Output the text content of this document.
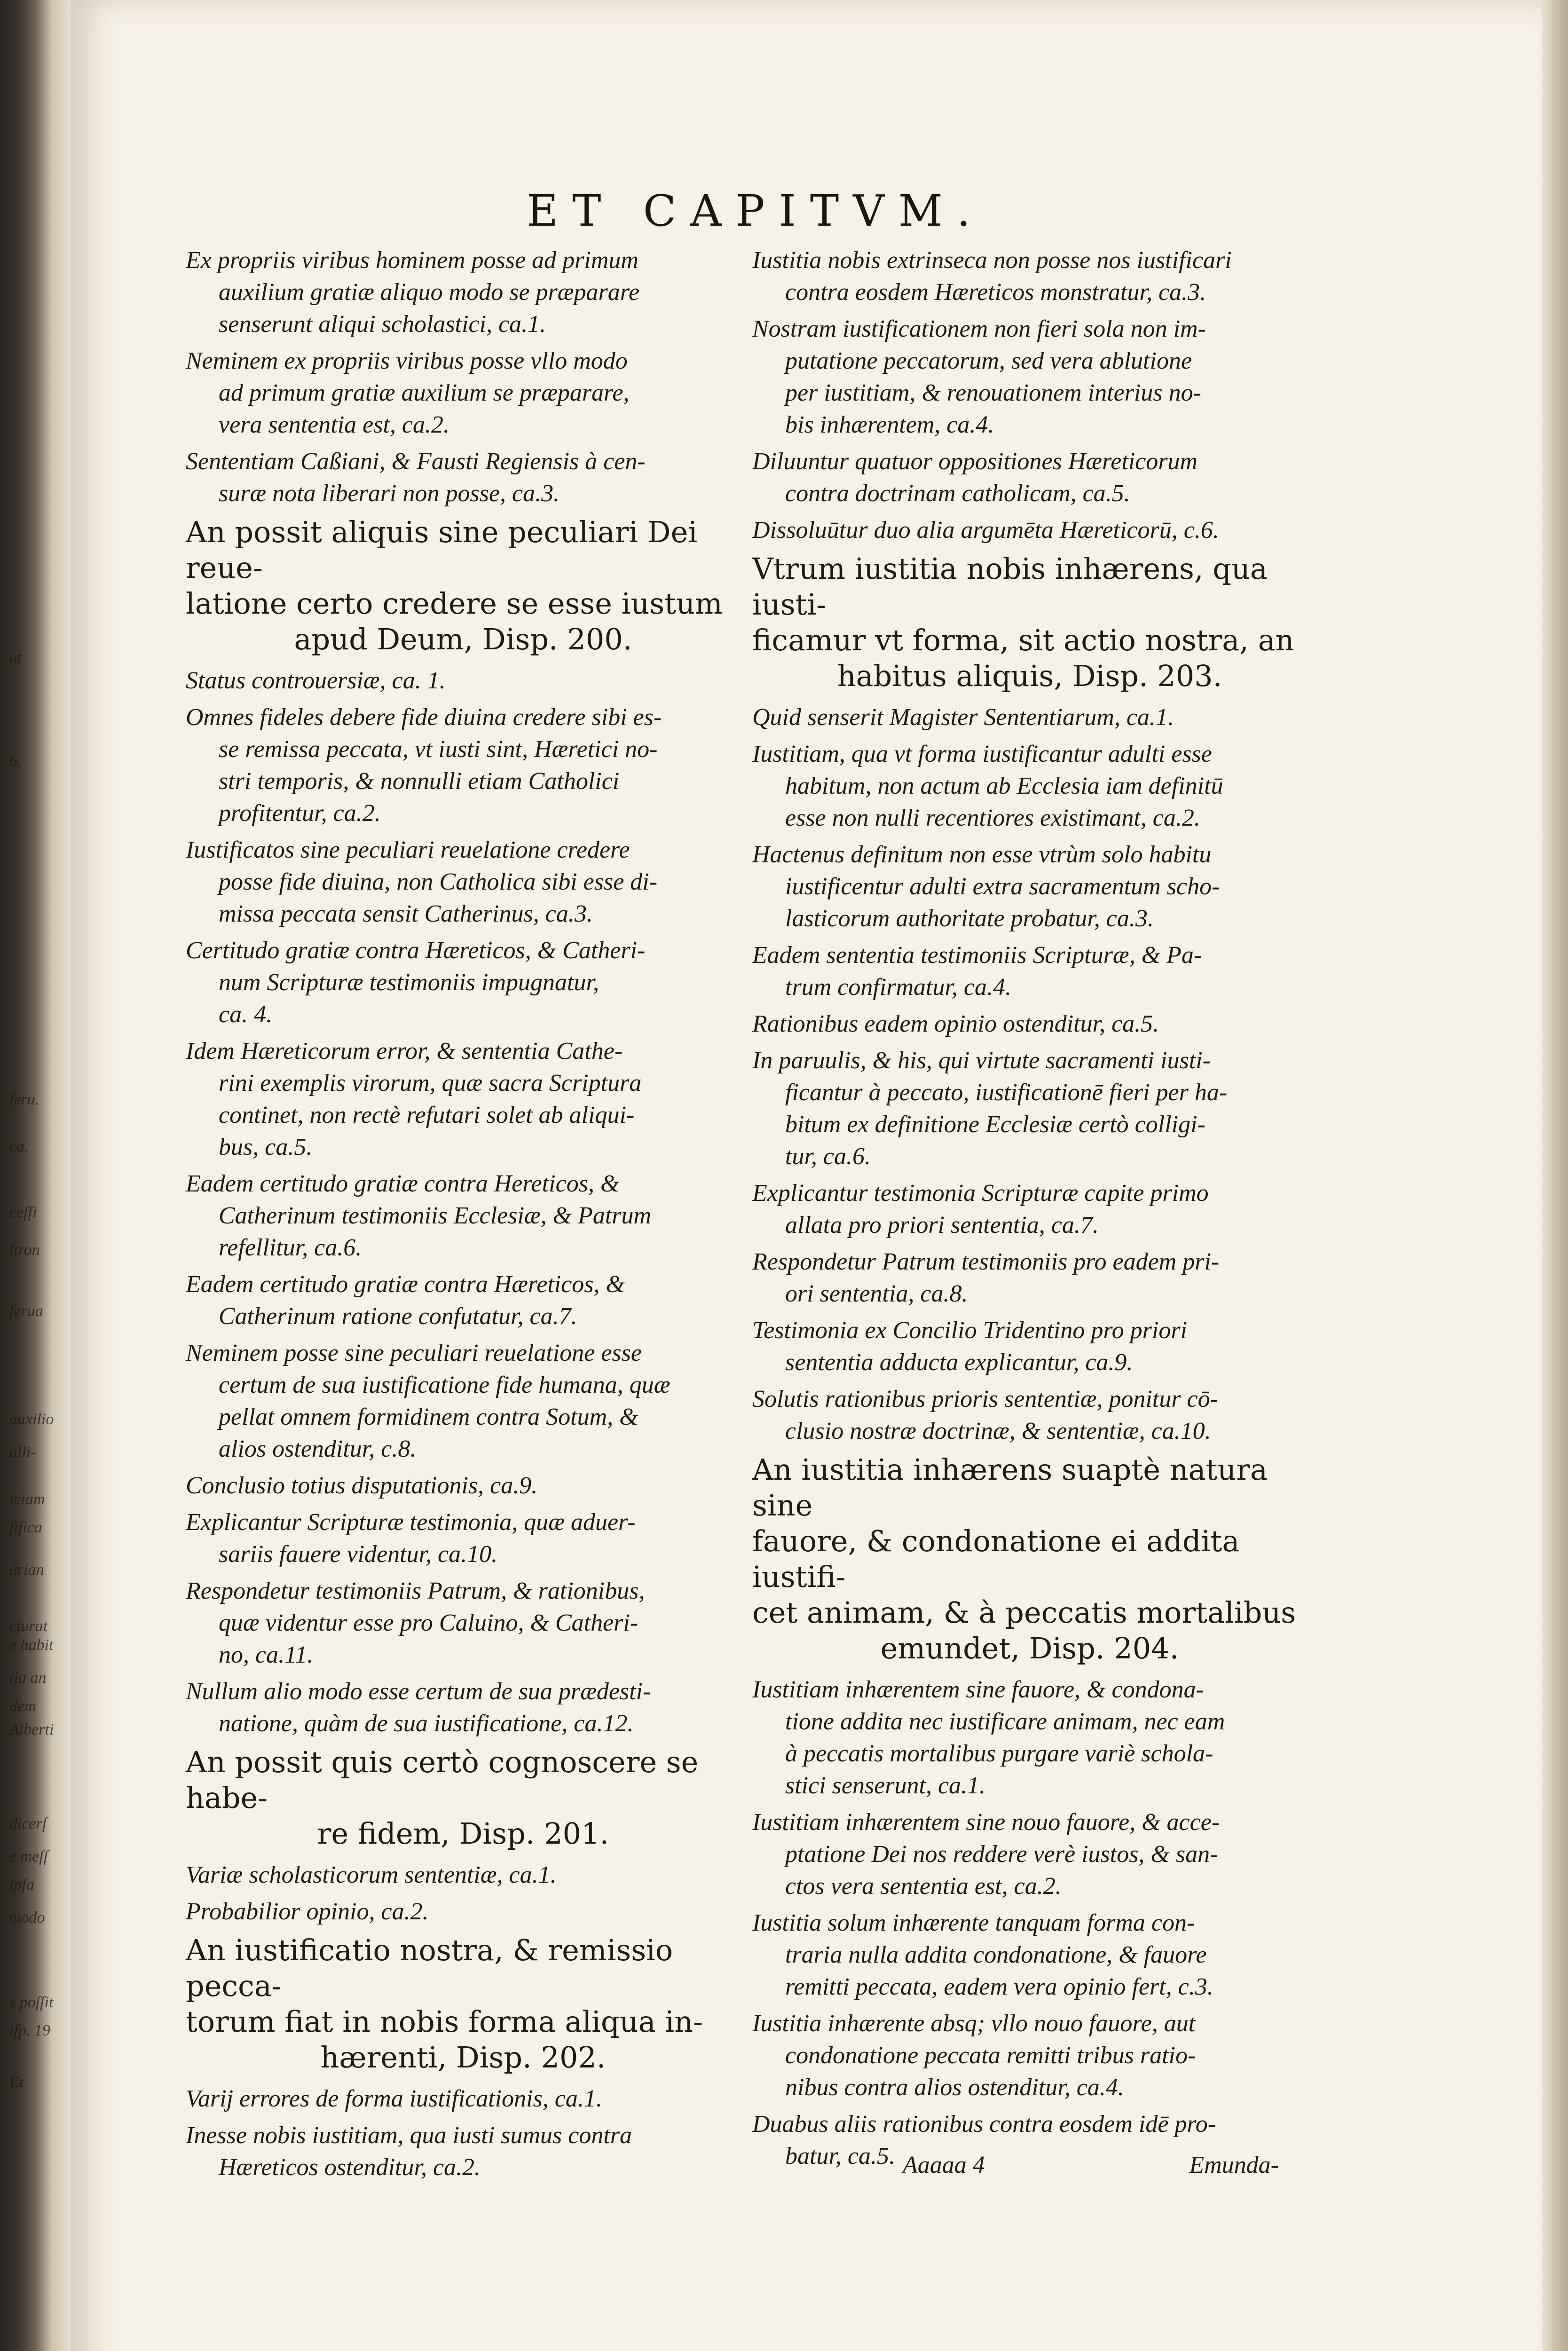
ut
6.
ſeru.
ca.
ceſſi
ſtron
ſerua
auxilio
ulli-
iciam
ſifica
arian
cturat
e habit
tia an
dem
Alberti
dicerſ
e meſſ
ipſa
modo
s poſſit
iſp. 19
Et
ET CAPITVM.
Ex propriis viribus hominem posse ad primum
auxilium gratiæ aliquo modo se præparare
senserunt aliqui scholastici, ca.1.
Neminem ex propriis viribus posse vllo modo
ad primum gratiæ auxilium se præparare,
vera sententia est, ca.2.
Sententiam Caßiani, & Fausti Regiensis à cen-
suræ nota liberari non posse, ca.3.
An possit aliquis sine peculiari Dei reue-
latione certo credere se esse iustum
apud Deum, Disp. 200.
Status controuersiæ, ca. 1.
Omnes fideles debere fide diuina credere sibi es-
se remissa peccata, vt iusti sint, Hæretici no-
stri temporis, & nonnulli etiam Catholici
profitentur, ca.2.
Iustificatos sine peculiari reuelatione credere
posse fide diuina, non Catholica sibi esse di-
missa peccata sensit Catherinus, ca.3.
Certitudo gratiæ contra Hæreticos, & Catheri-
num Scripturæ testimoniis impugnatur,
ca. 4.
Idem Hæreticorum error, & sententia Cathe-
rini exemplis virorum, quæ sacra Scriptura
continet, non rectè refutari solet ab aliqui-
bus, ca.5.
Eadem certitudo gratiæ contra Hereticos, &
Catherinum testimoniis Ecclesiæ, & Patrum
refellitur, ca.6.
Eadem certitudo gratiæ contra Hæreticos, &
Catherinum ratione confutatur, ca.7.
Neminem posse sine peculiari reuelatione esse
certum de sua iustificatione fide humana, quæ
pellat omnem formidinem contra Sotum, &
alios ostenditur, c.8.
Conclusio totius disputationis, ca.9.
Explicantur Scripturæ testimonia, quæ aduer-
sariis fauere videntur, ca.10.
Respondetur testimoniis Patrum, & rationibus,
quæ videntur esse pro Caluino, & Catheri-
no, ca.11.
Nullum alio modo esse certum de sua prædesti-
natione, quàm de sua iustificatione, ca.12.
An possit quis certò cognoscere se habe-
re fidem, Disp. 201.
Variæ scholasticorum sententiæ, ca.1.
Probabilior opinio, ca.2.
An iustificatio nostra, & remissio pecca-
torum fiat in nobis forma aliqua in-
hærenti, Disp. 202.
Varij errores de forma iustificationis, ca.1.
Inesse nobis iustitiam, qua iusti sumus contra
Hæreticos ostenditur, ca.2.
Iustitia nobis extrinseca non posse nos iustificari
contra eosdem Hæreticos monstratur, ca.3.
Nostram iustificationem non fieri sola non im-
putatione peccatorum, sed vera ablutione
per iustitiam, & renouationem interius no-
bis inhærentem, ca.4.
Diluuntur quatuor oppositiones Hæreticorum
contra doctrinam catholicam, ca.5.
Dissoluūtur duo alia argumēta Hæreticorū, c.6.
Vtrum iustitia nobis inhærens, qua iusti-
ficamur vt forma, sit actio nostra, an
habitus aliquis, Disp. 203.
Quid senserit Magister Sententiarum, ca.1.
Iustitiam, qua vt forma iustificantur adulti esse
habitum, non actum ab Ecclesia iam definitū
esse non nulli recentiores existimant, ca.2.
Hactenus definitum non esse vtrùm solo habitu
iustificentur adulti extra sacramentum scho-
lasticorum authoritate probatur, ca.3.
Eadem sententia testimoniis Scripturæ, & Pa-
trum confirmatur, ca.4.
Rationibus eadem opinio ostenditur, ca.5.
In paruulis, & his, qui virtute sacramenti iusti-
ficantur à peccato, iustificationē fieri per ha-
bitum ex definitione Ecclesiæ certò colligi-
tur, ca.6.
Explicantur testimonia Scripturæ capite primo
allata pro priori sententia, ca.7.
Respondetur Patrum testimoniis pro eadem pri-
ori sententia, ca.8.
Testimonia ex Concilio Tridentino pro priori
sententia adducta explicantur, ca.9.
Solutis rationibus prioris sententiæ, ponitur cō-
clusio nostræ doctrinæ, & sententiæ, ca.10.
An iustitia inhærens suaptè natura sine
fauore, & condonatione ei addita iustifi-
cet animam, & à peccatis mortalibus
emundet, Disp. 204.
Iustitiam inhærentem sine fauore, & condona-
tione addita nec iustificare animam, nec eam
à peccatis mortalibus purgare variè schola-
stici senserunt, ca.1.
Iustitiam inhærentem sine nouo fauore, & acce-
ptatione Dei nos reddere verè iustos, & san-
ctos vera sententia est, ca.2.
Iustitia solum inhærente tanquam forma con-
traria nulla addita condonatione, & fauore
remitti peccata, eadem vera opinio fert, c.3.
Iustitia inhærente absq; vllo nouo fauore, aut
condonatione peccata remitti tribus ratio-
nibus contra alios ostenditur, ca.4.
Duabus aliis rationibus contra eosdem idē pro-
batur, ca.5. Aaaaa 4	Emunda-
